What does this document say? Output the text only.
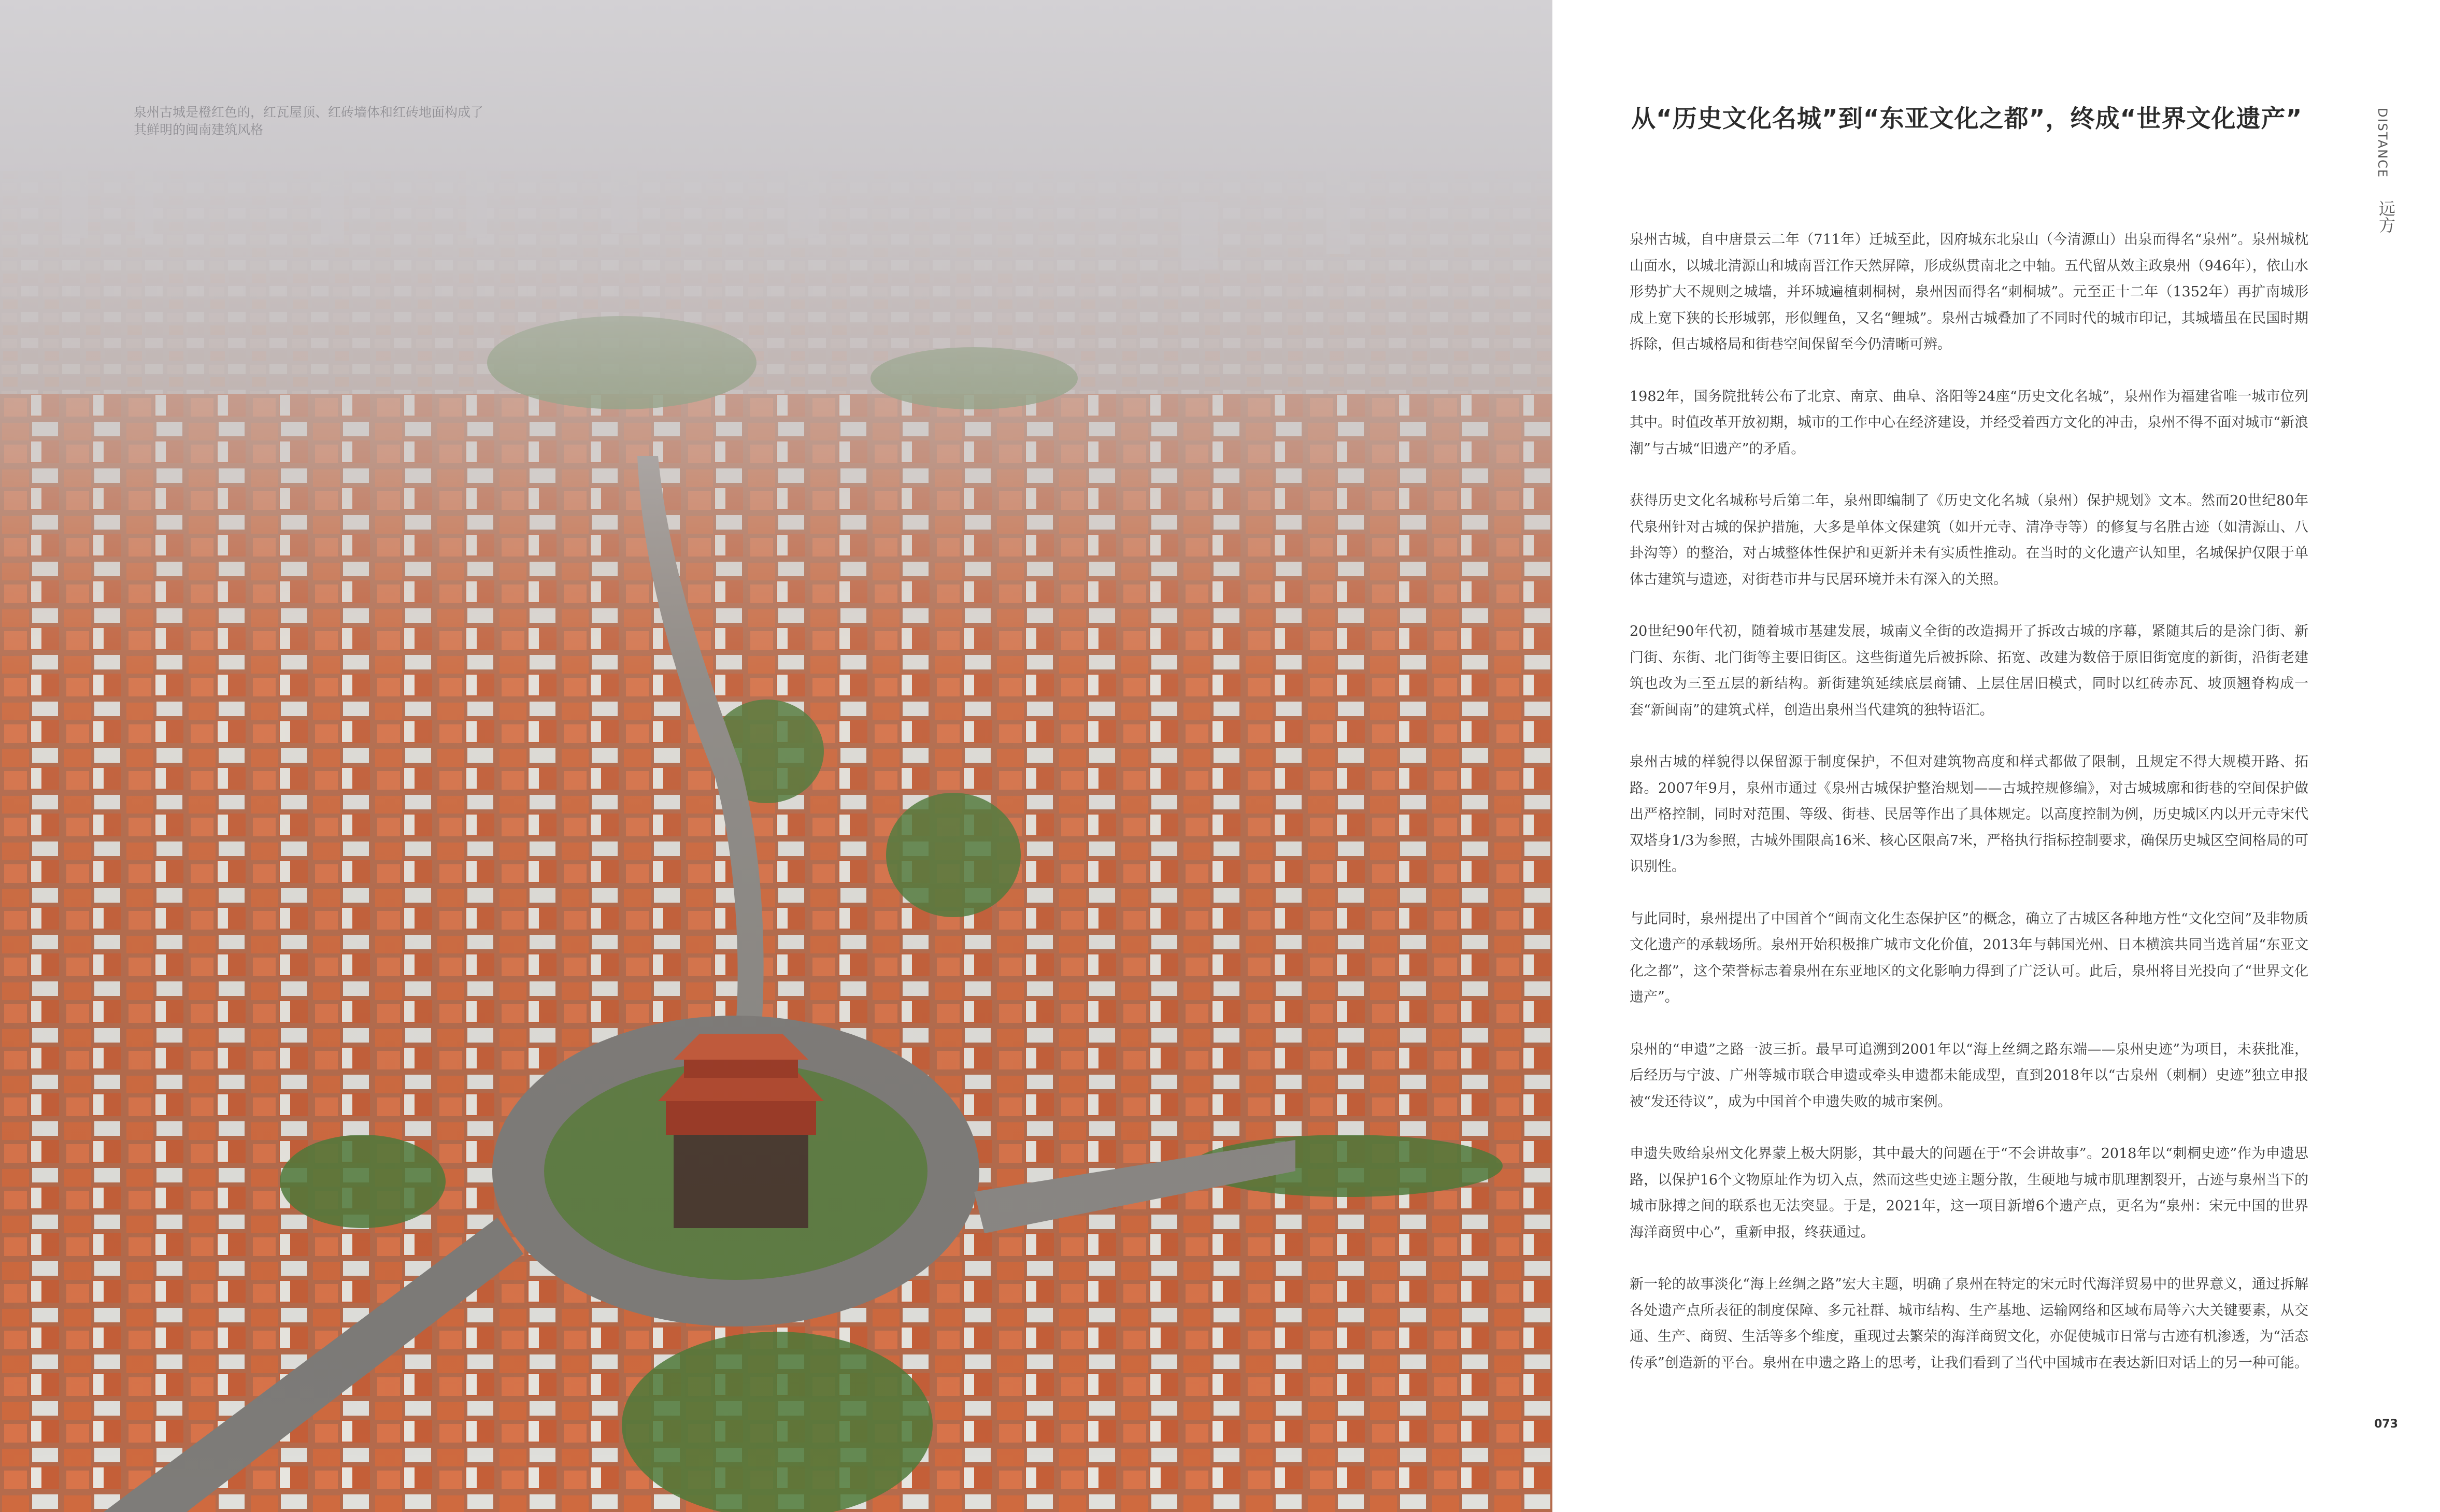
泉州古城是橙红色的，红瓦屋顶、红砖墙体和红砖地面构成了其鲜明的闽南建筑风格	从“历史文化名城”到“东亚文化之都”，终成“世界文化遗产”	DISTANCE
远方

泉州古城，自中唐景云二年（711年）迁城至此，因府城东北泉山（今清源山）出泉而得名“泉州”。泉州城枕山面水，以城北清源山和城南晋江作天然屏障，形成纵贯南北之中轴。五代留从效主政泉州（946年），依山水形势扩大不规则之城墙，并环城遍植刺桐树，泉州因而得名“刺桐城”。元至正十二年（1352年）再扩南城形成上宽下狭的长形城郭，形似鲤鱼，又名“鲤城”。泉州古城叠加了不同时代的城市印记，其城墙虽在民国时期拆除，但古城格局和街巷空间保留至今仍清晰可辨。

1982年，国务院批转公布了北京、南京、曲阜、洛阳等24座“历史文化名城”，泉州作为福建省唯一城市位列其中。时值改革开放初期，城市的工作中心在经济建设，并经受着西方文化的冲击，泉州不得不面对城市“新浪潮”与古城“旧遗产”的矛盾。

获得历史文化名城称号后第二年，泉州即编制了《历史文化名城（泉州）保护规划》文本。然而20世纪80年代泉州针对古城的保护措施，大多是单体文保建筑（如开元寺、清净寺等）的修复与名胜古迹（如清源山、八卦沟等）的整治，对古城整体性保护和更新并未有实质性推动。在当时的文化遗产认知里，名城保护仅限于单体古建筑与遗迹，对街巷市井与民居环境并未有深入的关照。

20世纪90年代初，随着城市基建发展，城南义全街的改造揭开了拆改古城的序幕，紧随其后的是涂门街、新门街、东街、北门街等主要旧街区。这些街道先后被拆除、拓宽、改建为数倍于原旧街宽度的新街，沿街老建筑也改为三至五层的新结构。新街建筑延续底层商铺、上层住居旧模式，同时以红砖赤瓦、坡顶翘脊构成一套“新闽南”的建筑式样，创造出泉州当代建筑的独特语汇。

泉州古城的样貌得以保留源于制度保护，不但对建筑物高度和样式都做了限制，且规定不得大规模开路、拓路。2007年9月，泉州市通过《泉州古城保护整治规划——古城控规修编》，对古城城廓和街巷的空间保护做出严格控制，同时对范围、等级、街巷、民居等作出了具体规定。以高度控制为例，历史城区内以开元寺宋代双塔身1/3为参照，古城外围限高16米、核心区限高7米，严格执行指标控制要求，确保历史城区空间格局的可识别性。

与此同时，泉州提出了中国首个“闽南文化生态保护区”的概念，确立了古城区各种地方性“文化空间”及非物质文化遗产的承载场所。泉州开始积极推广城市文化价值，2013年与韩国光州、日本横滨共同当选首届“东亚文化之都”，这个荣誉标志着泉州在东亚地区的文化影响力得到了广泛认可。此后，泉州将目光投向了“世界文化遗产”。

泉州的“申遗”之路一波三折。最早可追溯到2001年以“海上丝绸之路东端——泉州史迹”为项目，未获批准，后经历与宁波、广州等城市联合申遗或牵头申遗都未能成型，直到2018年以“古泉州（刺桐）史迹”独立申报被“发还待议”，成为中国首个申遗失败的城市案例。

申遗失败给泉州文化界蒙上极大阴影，其中最大的问题在于“不会讲故事”。2018年以“刺桐史迹”作为申遗思路，以保护16个文物原址作为切入点，然而这些史迹主题分散，生硬地与城市肌理割裂开，古迹与泉州当下的城市脉搏之间的联系也无法突显。于是，2021年，这一项目新增6个遗产点，更名为“泉州：宋元中国的世界海洋商贸中心”，重新申报，终获通过。

新一轮的故事淡化“海上丝绸之路”宏大主题，明确了泉州在特定的宋元时代海洋贸易中的世界意义，通过拆解各处遗产点所表征的制度保障、多元社群、城市结构、生产基地、运输网络和区域布局等六大关键要素，从交通、生产、商贸、生活等多个维度，重现过去繁荣的海洋商贸文化，亦促使城市日常与古迹有机渗透，为“活态传承”创造新的平台。泉州在申遗之路上的思考，让我们看到了当代中国城市在表达新旧对话上的另一种可能。

073
